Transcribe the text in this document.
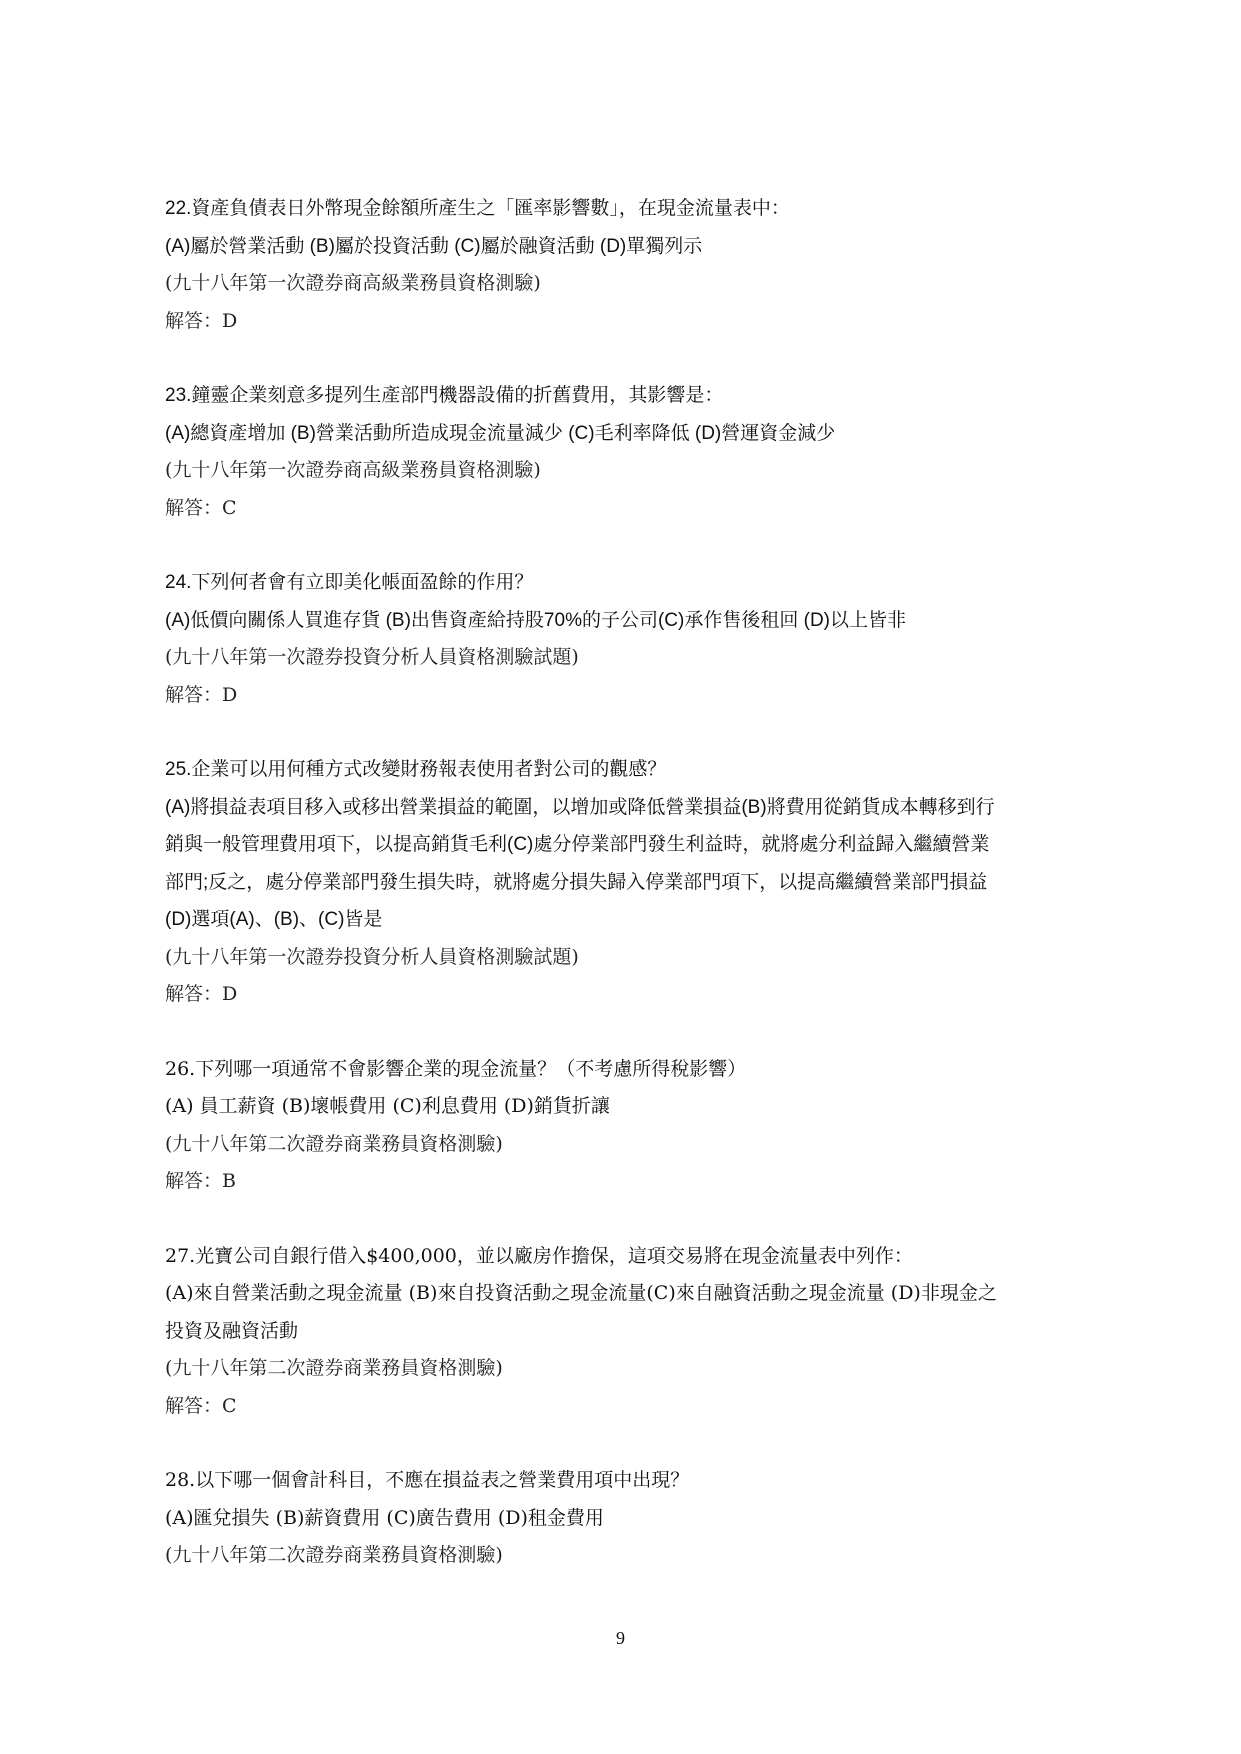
22.資產負債表日外幣現金餘額所產生之「匯率影響數」，在現金流量表中：
(A)屬於營業活動 (B)屬於投資活動 (C)屬於融資活動 (D)單獨列示
(九十八年第一次證券商高級業務員資格測驗)
解答：D
23.鐘靈企業刻意多提列生產部門機器設備的折舊費用，其影響是：
(A)總資產增加 (B)營業活動所造成現金流量減少 (C)毛利率降低 (D)營運資金減少
(九十八年第一次證券商高級業務員資格測驗)
解答：C
24.下列何者會有立即美化帳面盈餘的作用？
(A)低價向關係人買進存貨 (B)出售資產給持股70%的子公司(C)承作售後租回 (D)以上皆非
(九十八年第一次證券投資分析人員資格測驗試題)
解答：D
25.企業可以用何種方式改變財務報表使用者對公司的觀感？
(A)將損益表項目移入或移出營業損益的範圍，以增加或降低營業損益(B)將費用從銷貨成本轉移到行
銷與一般管理費用項下，以提高銷貨毛利(C)處分停業部門發生利益時，就將處分利益歸入繼續營業
部門;反之，處分停業部門發生損失時，就將處分損失歸入停業部門項下，以提高繼續營業部門損益
(D)選項(A)、(B)、(C)皆是
(九十八年第一次證券投資分析人員資格測驗試題)
解答：D
26.下列哪一項通常不會影響企業的現金流量？（不考慮所得稅影響）
(A) 員工薪資 (B)壞帳費用 (C)利息費用 (D)銷貨折讓
(九十八年第二次證券商業務員資格測驗)
解答：B
27.光寶公司自銀行借入$400,000，並以廠房作擔保，這項交易將在現金流量表中列作：
(A)來自營業活動之現金流量 (B)來自投資活動之現金流量(C)來自融資活動之現金流量 (D)非現金之
投資及融資活動
(九十八年第二次證券商業務員資格測驗)
解答：C
28.以下哪一個會計科目，不應在損益表之營業費用項中出現？
(A)匯兌損失 (B)薪資費用 (C)廣告費用 (D)租金費用
(九十八年第二次證券商業務員資格測驗)
9
